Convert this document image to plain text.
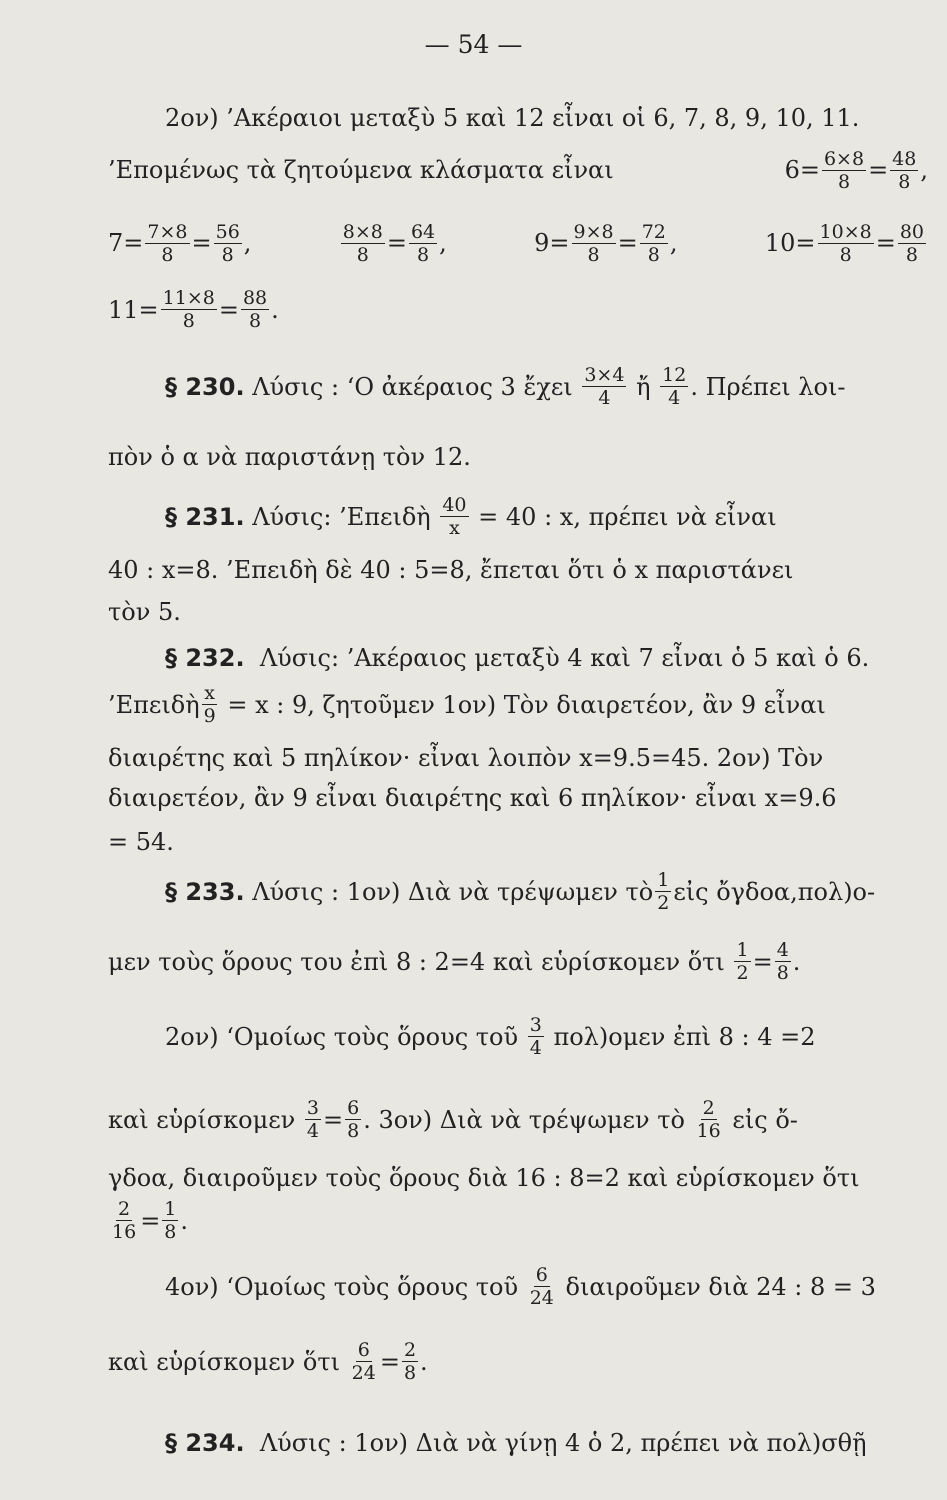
— 54 —
2ον) ’Ακέραιοι μεταξὺ 5 καὶ 12 εἶναι οἱ 6, 7, 8, 9, 10, 11.
’Επομένως τὰ ζητούμενα κλάσματα εἶναι	$6= \frac{6\times 8}{8} = \frac{48}{8}$ ,
$7= \frac{7\times 8}{8} = \frac{56}{8}$ ,	$\frac{8\times 8}{8} = \frac{64}{8}$ ,	$9= \frac{9\times 8}{8} = \frac{72}{8}$ ,	$10= \frac{10\times 8}{8} = \frac{80}{8}$
$11= \frac{11\times 8}{8} = \frac{88}{8}$ .
§ 230.
Λύσις : ‘Ο ἀκέραιος 3 ἔχει
$\frac{3\times 4}{4}$
ἤ
$\frac{12}{4}$ . Πρέπει λοι-
πὸν ὁ α νὰ παριστάνῃ τὸν 12.
§ 231.
Λύσις: ’Επειδὴ
$\frac{40}{x}$
= 40 : x, πρέπει νὰ εἶναι
40 : x=8. ’Επειδὴ δὲ 40 : 5=8, ἔπεται ὅτι ὁ x παριστάνει
τὸν 5.
§ 232. Λύσις: ’Ακέραιος μεταξὺ 4 καὶ 7 εἶναι ὁ 5 καὶ ὁ 6.
’Επειδὴ $\frac{x}{9}$
= x : 9, ζητοῦμεν 1ον) Τὸν διαιρετέον, ἂν 9 εἶναι
διαιρέτης καὶ 5 πηλίκον· εἶναι λοιπὸν x=9.5=45. 2ον) Τὸν
διαιρετέον, ἂν 9 εἶναι διαιρέτης καὶ 6 πηλίκον· εἶναι x=9.6
= 54.
§ 233.
Λύσις : 1ον) Διὰ νὰ τρέψωμεν τὸ $\frac{1}{2}$ εἰς ὄγδοα,πολ)ο-
μεν τοὺς ὅρους του ἐπὶ 8 : 2=4 καὶ εὑρίσκομεν ὅτι
$\frac{1}{2} = \frac{4}{8}$ .
2ον) ‘Ομοίως τοὺς ὅρους τοῦ
$\frac{3}{4}$
πολ)ομεν ἐπὶ 8 : 4 =2
καὶ εὑρίσκομεν
$\frac{3}{4} = \frac{6}{8}$ . 3ον) Διὰ νὰ τρέψωμεν τὸ
$\frac{2}{16}$
εἰς ὄ-
γδοα, διαιροῦμεν τοὺς ὅρους διὰ 16 : 8=2 καὶ εὑρίσκομεν ὅτι
$\frac{2}{16} = \frac{1}{8}$ .
4ον) ‘Ομοίως τοὺς ὅρους τοῦ
$\frac{6}{24}$
διαιροῦμεν διὰ 24 : 8 = 3
καὶ εὑρίσκομεν ὅτι
$\frac{6}{24} = \frac{2}{8}$ .
§ 234. Λύσις : 1ον) Διὰ νὰ γίνῃ 4 ὁ 2, πρέπει νὰ πολ)σθῇ
